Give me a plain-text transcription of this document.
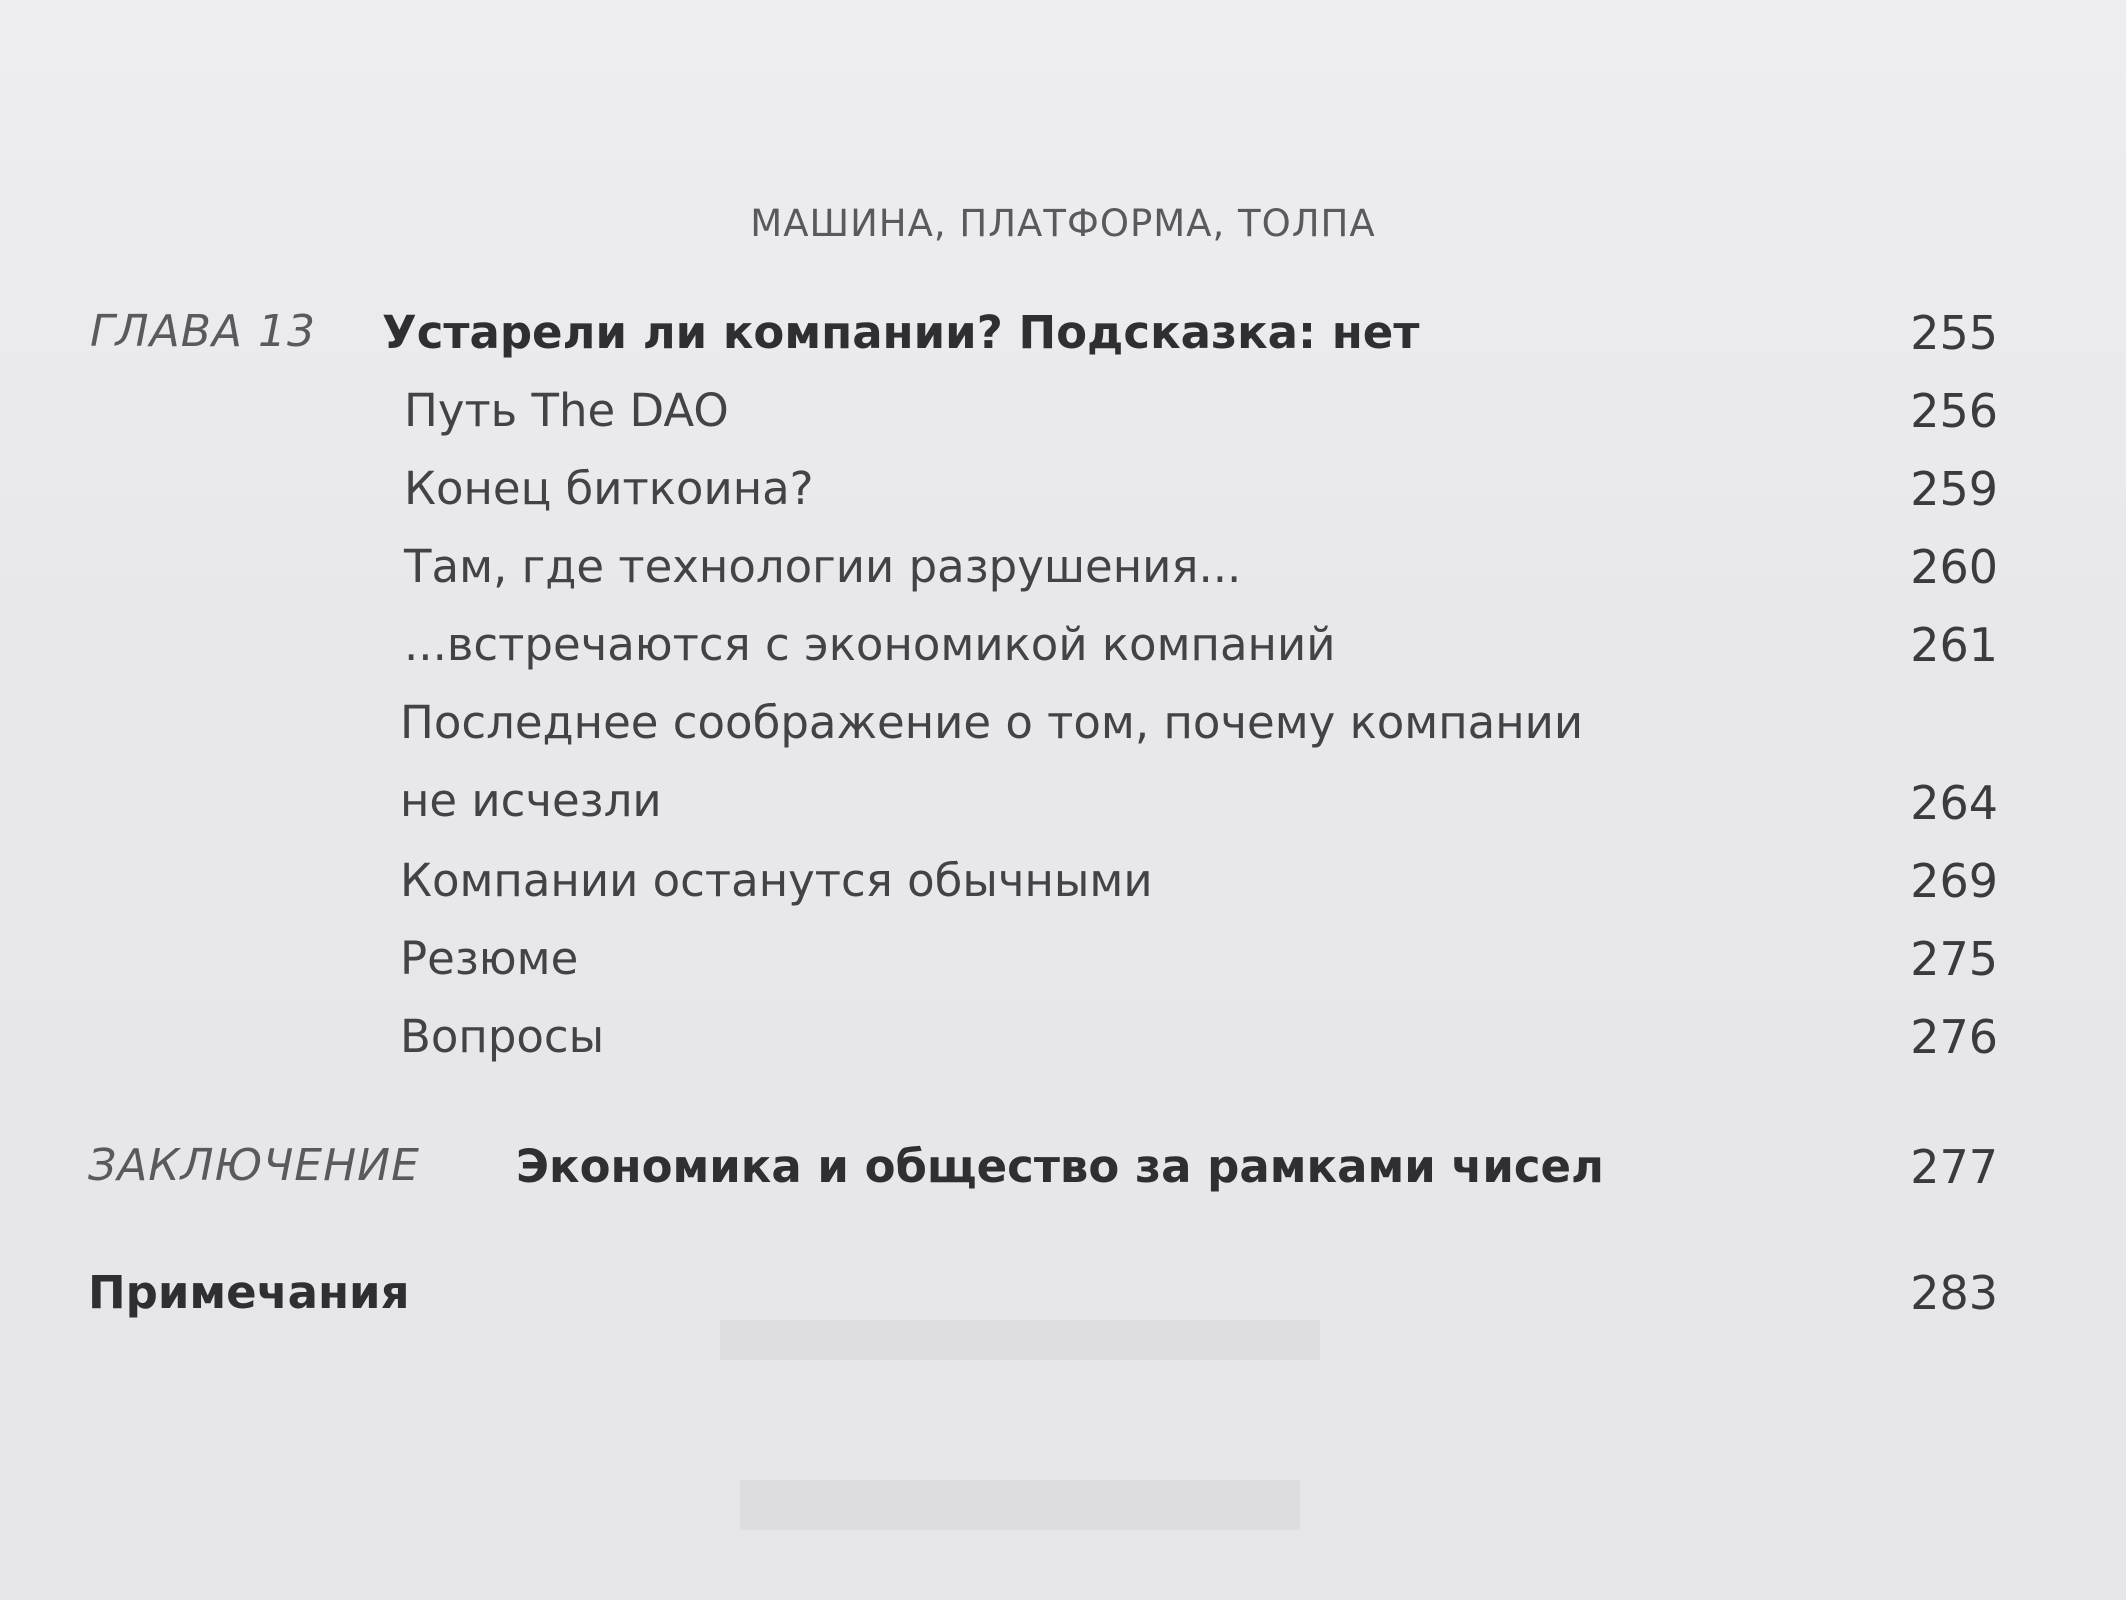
МАШИНА, ПЛАТФОРМА, ТОЛПА
ГЛАВА 13 Устарели ли компании? Подсказка: нет	255
Путь The DAO	256
Конец биткоина?	259
Там, где технологии разрушения...	260
...встречаются с экономикой компаний	261
Последнее соображение о том, почему компании
не исчезли	264
Компании останутся обычными	269
Резюме	275
Вопросы	276
ЗАКЛЮЧЕНИЕ Экономика и общество за рамками чисел	277
Примечания	283
